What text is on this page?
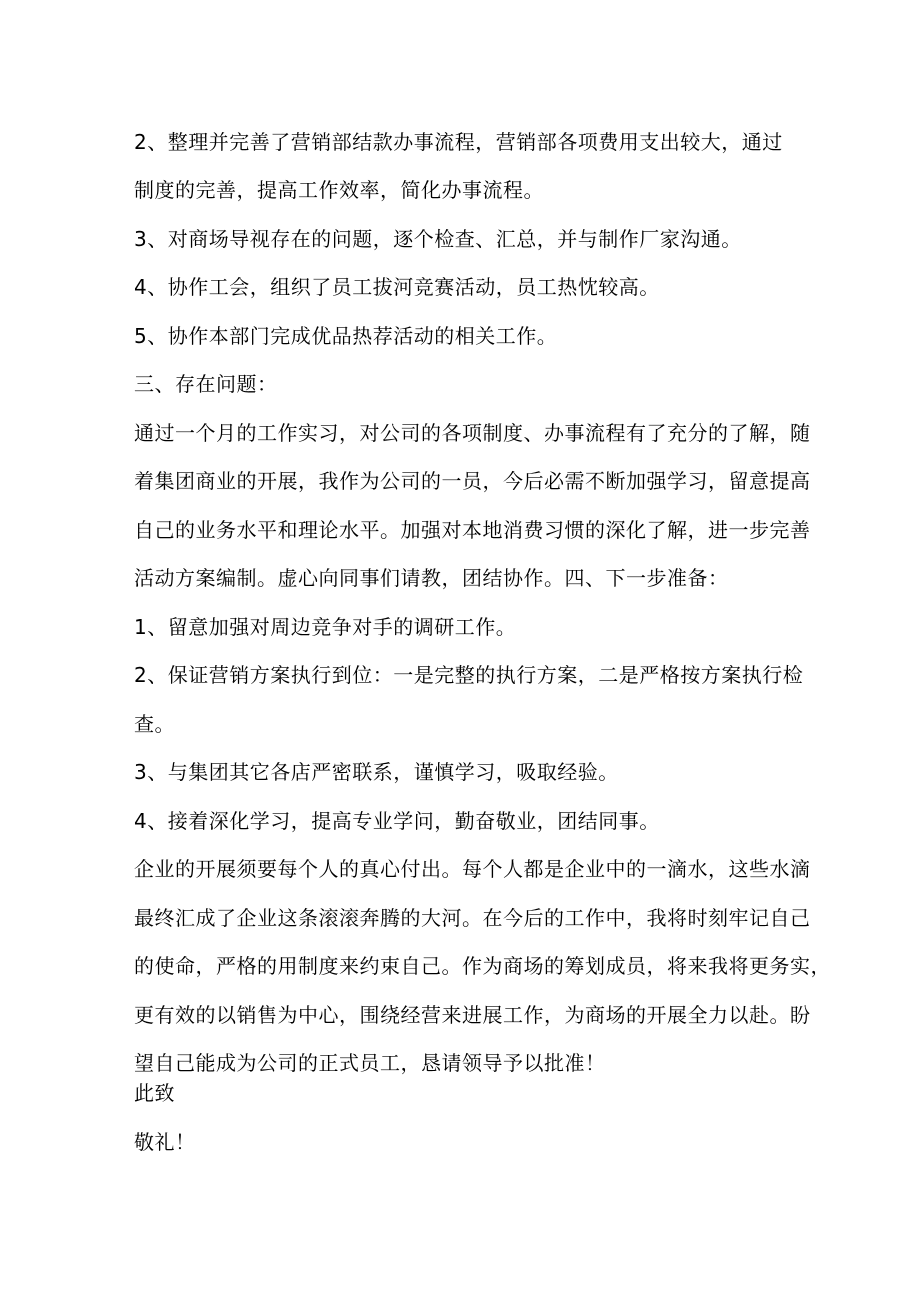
2、整理并完善了营销部结款办事流程，营销部各项费用支出较大，通过
制度的完善，提高工作效率，简化办事流程。
3、对商场导视存在的问题，逐个检查、汇总，并与制作厂家沟通。
4、协作工会，组织了员工拔河竞赛活动，员工热忱较高。
5、协作本部门完成优品热荐活动的相关工作。
三、存在问题：
通过一个月的工作实习，对公司的各项制度、办事流程有了充分的了解，随
着集团商业的开展，我作为公司的一员，今后必需不断加强学习，留意提高
自己的业务水平和理论水平。加强对本地消费习惯的深化了解，进一步完善
活动方案编制。虚心向同事们请教，团结协作。四、下一步准备：
1、留意加强对周边竞争对手的调研工作。
2、保证营销方案执行到位：一是完整的执行方案，二是严格按方案执行检
查。
3、与集团其它各店严密联系，谨慎学习，吸取经验。
4、接着深化学习，提高专业学问，勤奋敬业，团结同事。
企业的开展须要每个人的真心付出。每个人都是企业中的一滴水，这些水滴
最终汇成了企业这条滚滚奔腾的大河。在今后的工作中，我将时刻牢记自己
的使命，严格的用制度来约束自己。作为商场的筹划成员，将来我将更务实，
更有效的以销售为中心，围绕经营来进展工作，为商场的开展全力以赴。盼
望自己能成为公司的正式员工，恳请领导予以批准！
此致
敬礼！
